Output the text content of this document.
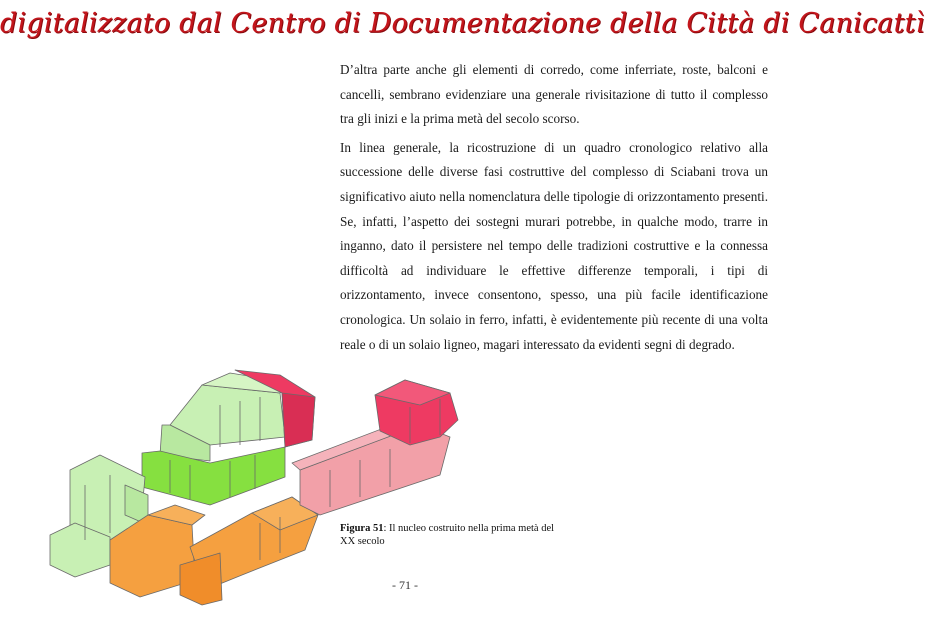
digitalizzato dal Centro di Documentazione della Città di Canicattì

D’altra parte anche gli elementi di corredo, come inferriate, roste, balconi e cancelli, sembrano evidenziare una generale rivisitazione di tutto il complesso tra gli inizi e la prima metà del secolo scorso.

In linea generale, la ricostruzione di un quadro cronologico relativo alla successione delle diverse fasi costruttive del complesso di Sciabani trova un significativo aiuto nella nomenclatura delle tipologie di orizzontamento presenti. Se, infatti, l’aspetto dei sostegni murari potrebbe, in qualche modo, trarre in inganno, dato il persistere nel tempo delle tradizioni costruttive e la connessa difficoltà ad individuare le effettive differenze temporali, i tipi di orizzontamento, invece consentono, spesso, una più facile identificazione cronologica. Un solaio in ferro, infatti, è evidentemente più recente di una volta reale o di un solaio ligneo, magari interessato da evidenti segni di degrado.

Figura 51: Il nucleo costruito nella prima metà del XX secolo
- 71 -
